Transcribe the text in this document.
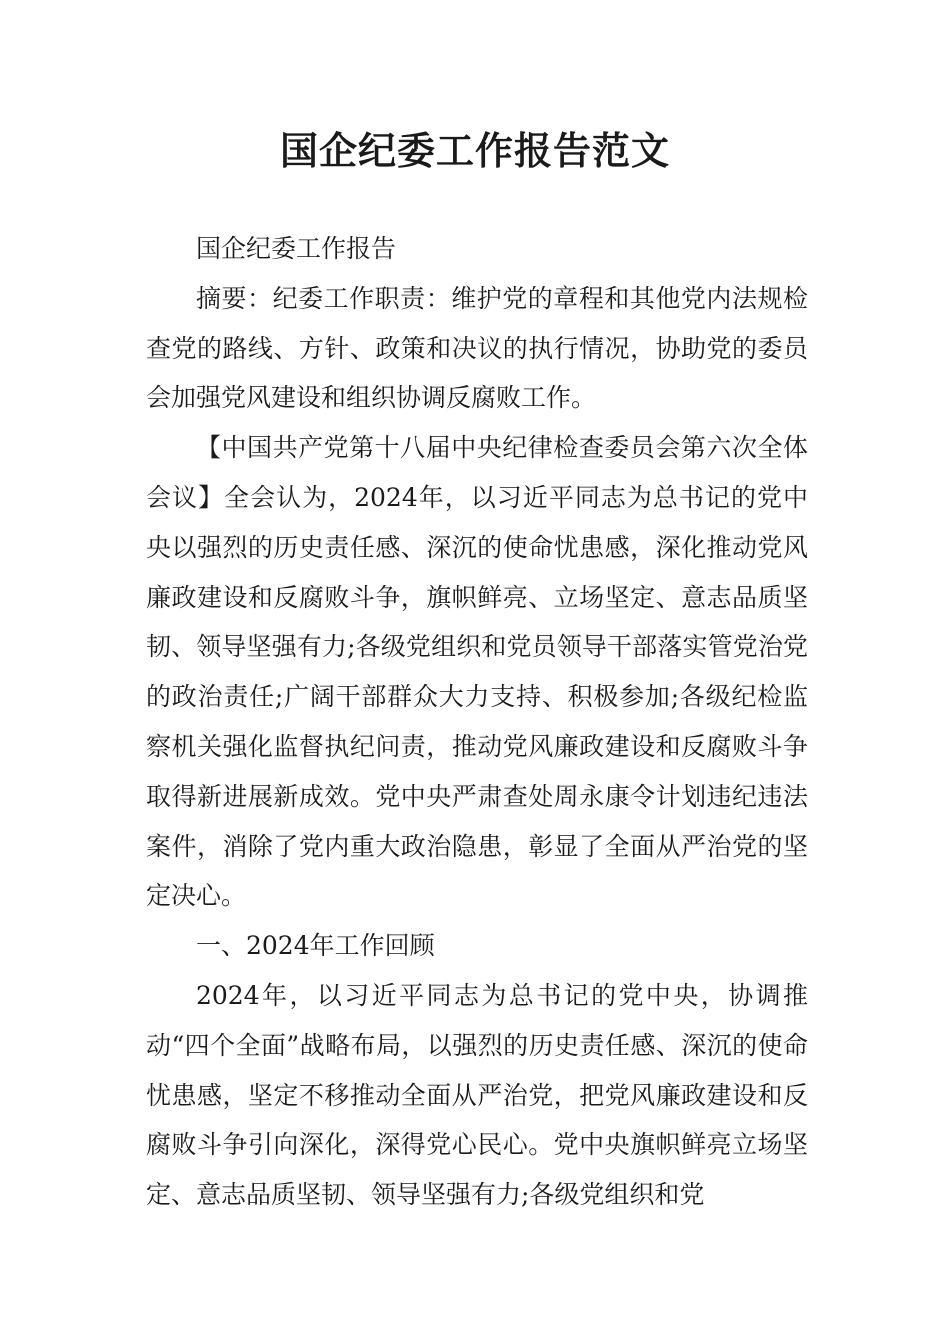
国企纪委工作报告范文

国企纪委工作报告

摘要：纪委工作职责：维护党的章程和其他党内法规检查党的路线、方针、政策和决议的执行情况，协助党的委员会加强党风建设和组织协调反腐败工作。

【中国共产党第十八届中央纪律检查委员会第六次全体会议】全会认为，2024年，以习近平同志为总书记的党中央以强烈的历史责任感、深沉的使命忧患感，深化推动党风廉政建设和反腐败斗争，旗帜鲜亮、立场坚定、意志品质坚韧、领导坚强有力;各级党组织和党员领导干部落实管党治党的政治责任;广阔干部群众大力支持、积极参加;各级纪检监察机关强化监督执纪问责，推动党风廉政建设和反腐败斗争取得新进展新成效。党中央严肃查处周永康令计划违纪违法案件，消除了党内重大政治隐患，彰显了全面从严治党的坚定决心。

一、2024年工作回顾

2024年，以习近平同志为总书记的党中央，协调推动“四个全面”战略布局，以强烈的历史责任感、深沉的使命忧患感，坚定不移推动全面从严治党，把党风廉政建设和反腐败斗争引向深化，深得党心民心。党中央旗帜鲜亮立场坚定、意志品质坚韧、领导坚强有力;各级党组织和党
